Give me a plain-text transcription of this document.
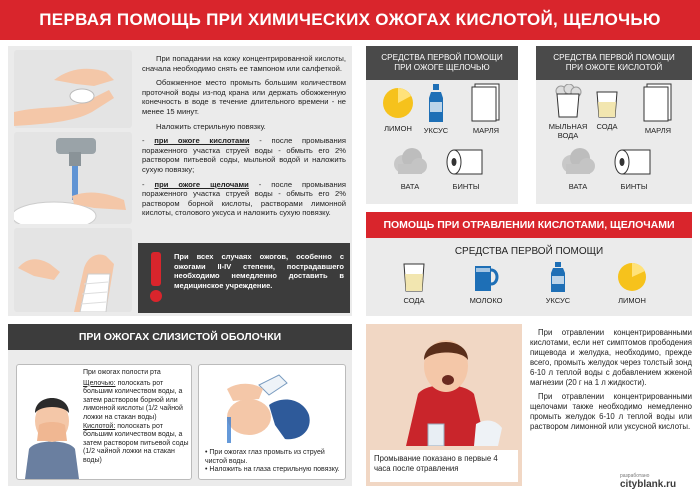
ПЕРВАЯ ПОМОЩЬ ПРИ ХИМИЧЕСКИХ ОЖОГАХ КИСЛОТОЙ, ЩЕЛОЧЬЮ

При попадании на кожу концентрированной кислоты, сначала необходимо снять ее тампоном или салфеткой.

Обожженное место промыть большим количеством проточной воды из-под крана или держать обожженную конечность в воде в течение длительного времени - не менее 15 минут.

Наложить стерильную повязку.

- при ожоге кислотами - после промывания пораженного участка струей воды - обмыть его 2% раствором питьевой соды, мыльной водой и наложить сухую повязку;

- при ожоге щелочами - после промывания пораженного участка струей воды - обмыть его 2% раствором борной кислоты, растворами лимонной кислоты, столового уксуса и наложить сухую повязку.

При всех случаях ожогов, особенно с ожогами II-IV степени, пострадавшего необходимо немедленно доставить в медицинское учреждение.
СРЕДСТВА ПЕРВОЙ ПОМОЩИ
ПРИ ОЖОГЕ ЩЕЛОЧЬЮ
СРЕДСТВА ПЕРВОЙ ПОМОЩИ
ПРИ ОЖОГЕ КИСЛОТОЙ
ЛИМОН	УКСУС	МАРЛЯ
ВАТА	БИНТЫ
МЫЛЬНАЯ ВОДА
СОДА	МАРЛЯ
ВАТА	БИНТЫ
ПОМОЩЬ ПРИ ОТРАВЛЕНИИ КИСЛОТАМИ, ЩЕЛОЧАМИ
СРЕДСТВА ПЕРВОЙ ПОМОЩИ
СОДА	МОЛОКО	УКСУС	ЛИМОН
Промывание показано в первые 4 часа после отравления

При отравлении концентрированными кислотами, если нет симптомов прободения пищевода и желудка, необходимо, прежде всего, промыть желудок через толстый зонд 6-10 л теплой воды с добавлением жженой магнезии (20 г на 1 л жидкости).

При отравлении концентрированными щелочами также необходимо немедленно промыть желудок 6-10 л теплой воды или раствором лимонной или уксусной кислоты.

разработано
cityblank.ru
ПРИ ОЖОГАХ СЛИЗИСТОЙ ОБОЛОЧКИ
При ожогах полости рта
Щелочью: полоскать рот большим количеством воды, а затем раствором борной или лимонной кислоты (1/2 чайной ложки на стакан воды)
Кислотой: полоскать рот большим количеством воды, а затем раствором питьевой соды (1/2 чайной ложки на стакан воды)
• При ожогах глаз промыть из струей чистой воды.
• Наложить на глаза стерильную повязку.
